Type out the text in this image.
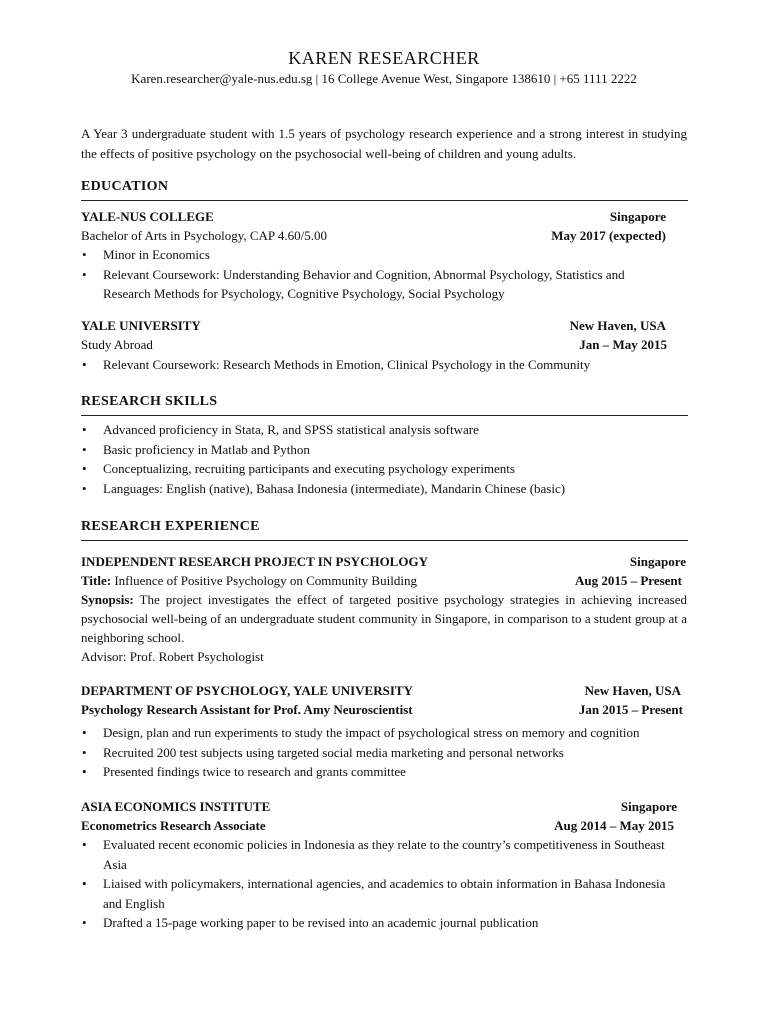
KAREN RESEARCHER
Karen.researcher@yale-nus.edu.sg | 16 College Avenue West, Singapore 138610 | +65 1111 2222
A Year 3 undergraduate student with 1.5 years of psychology research experience and a strong interest in studying the effects of positive psychology on the psychosocial well-being of children and young adults.
EDUCATION
YALE-NUS COLLEGE	Singapore
Bachelor of Arts in Psychology, CAP 4.60/5.00	May 2017 (expected)
• Minor in Economics
• Relevant Coursework: Understanding Behavior and Cognition, Abnormal Psychology, Statistics and Research Methods for Psychology, Cognitive Psychology, Social Psychology
YALE UNIVERSITY	New Haven, USA
Study Abroad	Jan – May 2015
• Relevant Coursework: Research Methods in Emotion, Clinical Psychology in the Community
RESEARCH SKILLS
• Advanced proficiency in Stata, R, and SPSS statistical analysis software
• Basic proficiency in Matlab and Python
• Conceptualizing, recruiting participants and executing psychology experiments
• Languages: English (native), Bahasa Indonesia (intermediate), Mandarin Chinese (basic)
RESEARCH EXPERIENCE
INDEPENDENT RESEARCH PROJECT IN PSYCHOLOGY	Singapore
Title: Influence of Positive Psychology on Community Building	Aug 2015 – Present
Synopsis: The project investigates the effect of targeted positive psychology strategies in achieving increased psychosocial well-being of an undergraduate student community in Singapore, in comparison to a student group at a neighboring school.
Advisor: Prof. Robert Psychologist
DEPARTMENT OF PSYCHOLOGY, YALE UNIVERSITY	New Haven, USA
Psychology Research Assistant for Prof. Amy Neuroscientist	Jan 2015 – Present
• Design, plan and run experiments to study the impact of psychological stress on memory and cognition
• Recruited 200 test subjects using targeted social media marketing and personal networks
• Presented findings twice to research and grants committee
ASIA ECONOMICS INSTITUTE	Singapore
Econometrics Research Associate	Aug 2014 – May 2015
• Evaluated recent economic policies in Indonesia as they relate to the country’s competitiveness in Southeast Asia
• Liaised with policymakers, international agencies, and academics to obtain information in Bahasa Indonesia and English
• Drafted a 15-page working paper to be revised into an academic journal publication
